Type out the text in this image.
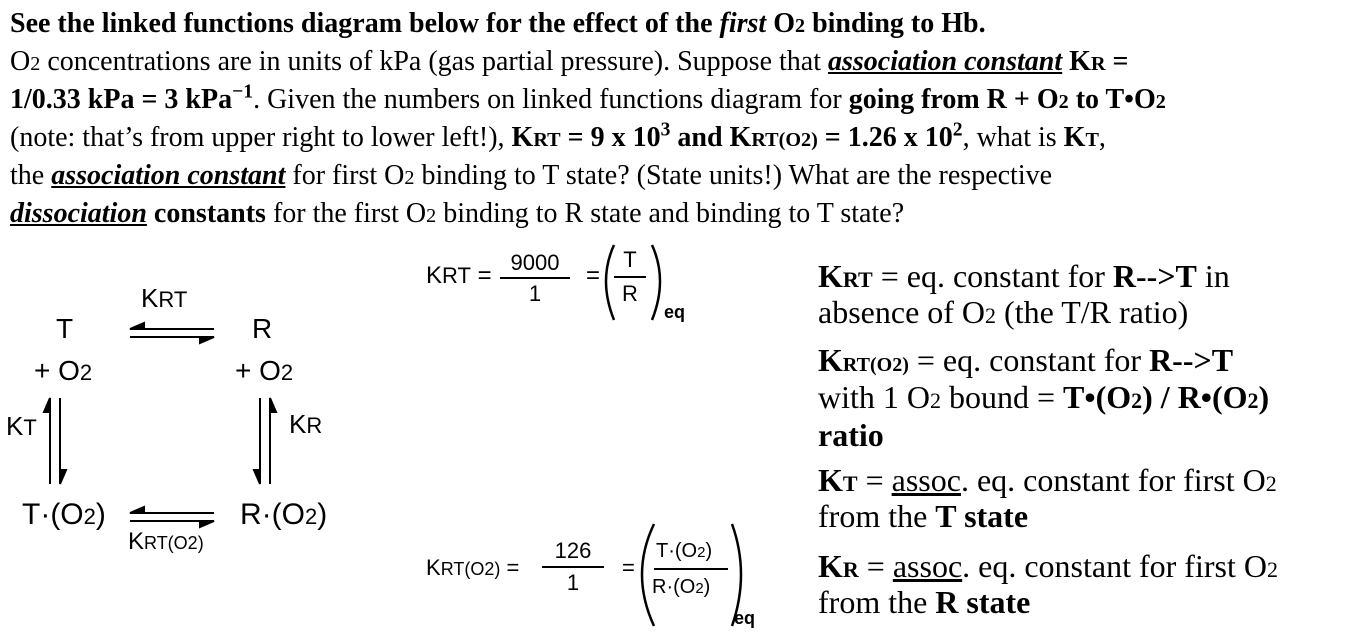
See the linked functions diagram below for the effect of the first O2 binding to Hb.
O2 concentrations are in units of kPa (gas partial pressure). Suppose that association constant KR =
1/0.33 kPa = 3 kPa$^{-1}$. Given the numbers on linked functions diagram for going from R + O2 to T•O2
(note: that’s from upper right to lower left!), KRT = 9 x $10^3$ and KRT(O2) = 1.26 x $10^2$, what is KT,
the association constant for first O2 binding to T state? (State units!) What are the respective
dissociation constants for the first O2 binding to R state and binding to T state?
KRT
T	R
+ O2	+ O2
KT	KR
T·(O2)	R·(O2)
KRT(O2)
KRT = 9000
1
=
T
R
eq
KRT(O2) =
126
1
=
T·(O2)
R·(O2)
eq
KRT = eq. constant for R-->T in
absence of O2 (the T/R ratio)
KRT(O2) = eq. constant for R-->T
with 1 O2 bound = T•(O2) / R•(O2)
ratio
KT = assoc. eq. constant for first O2
from the T state
KR = assoc. eq. constant for first O2
from the R state
